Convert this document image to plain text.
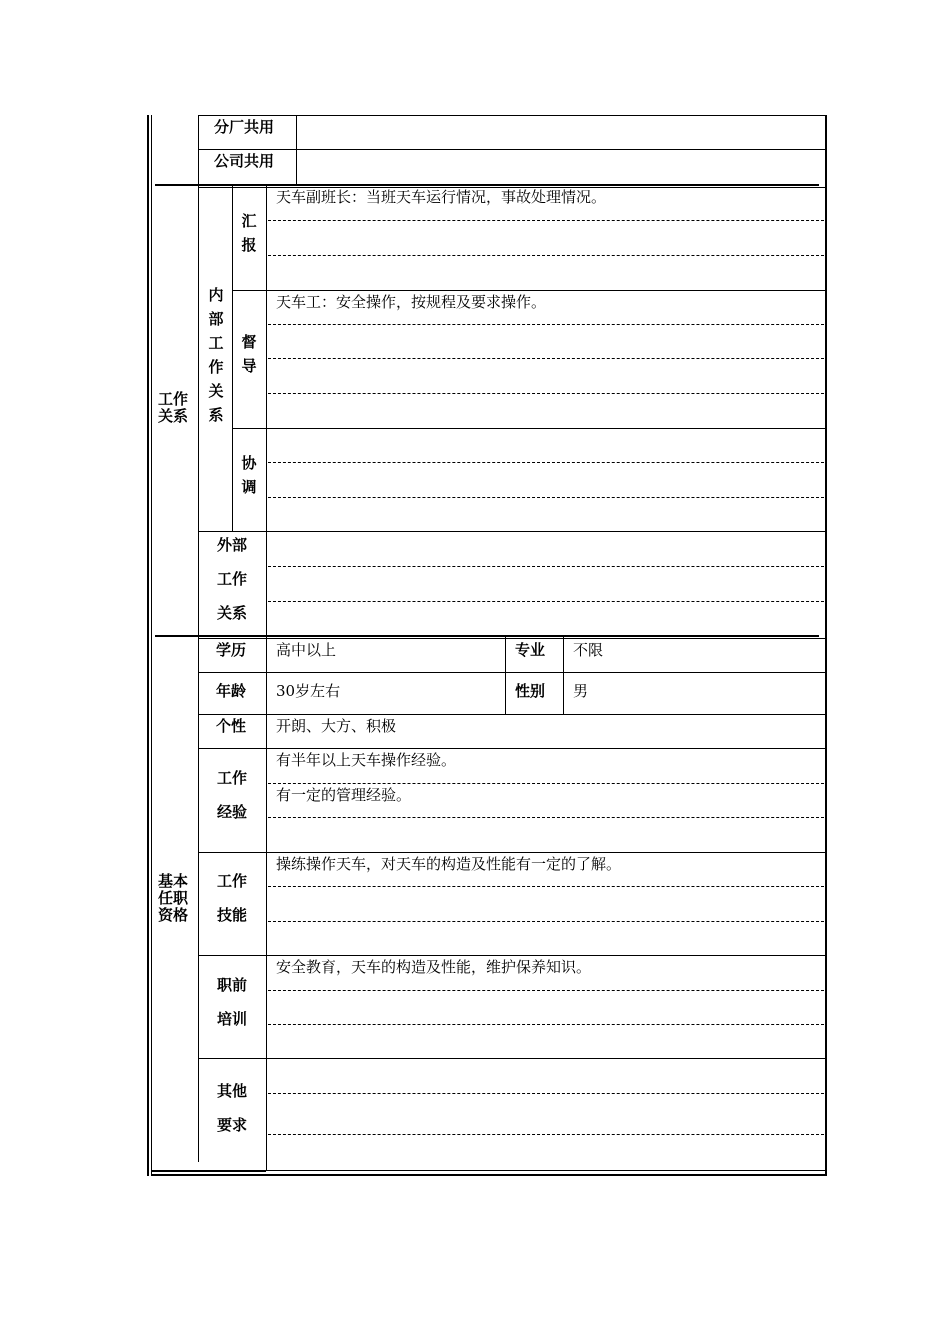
分厂共用
公司共用
工作关系
内部工作关系
汇报
天车副班长：当班天车运行情况，事故处理情况。
督导
天车工：安全操作，按规程及要求操作。
协调
外部
工作
关系
基本任职资格
学历 高中以上	专业 不限
年龄 30岁左右	性别 男
个性 开朗、大方、积极
工作
经验
有半年以上天车操作经验。
有一定的管理经验。
工作
技能
操练操作天车，对天车的构造及性能有一定的了解。
职前
培训
安全教育，天车的构造及性能，维护保养知识。
其他
要求
